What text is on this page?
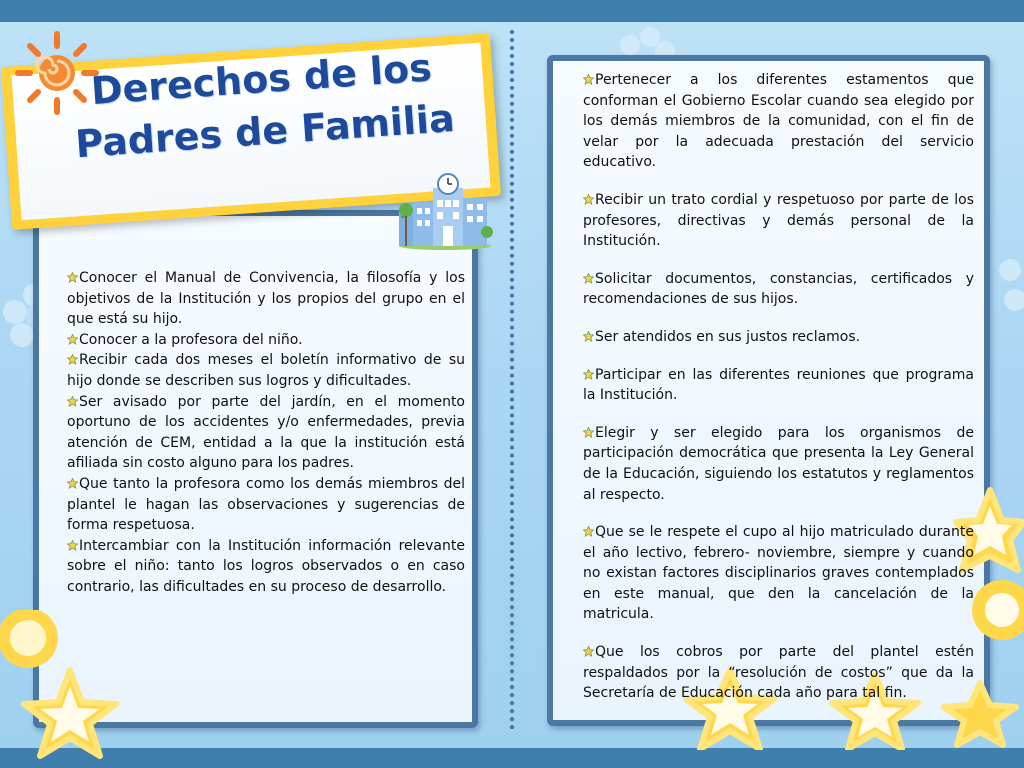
Conocer el Manual de Convivencia, la filosofía y los objetivos de la Institución y los propios del grupo en el que está su hijo.
Conocer a la profesora del niño.
Recibir cada dos meses el boletín informativo de su hijo donde se describen sus logros y dificultades.
Ser avisado por parte del jardín, en el momento oportuno de los accidentes y/o enfermedades, previa atención de CEM, entidad a la que la institución está afiliada sin costo alguno para los padres.
Que tanto la profesora como los demás miembros del plantel le hagan las observaciones y sugerencias de forma respetuosa.
Intercambiar con la Institución información relevante sobre el niño: tanto los logros observados o en caso contrario, las dificultades en su proceso de desarrollo.
Pertenecer a los diferentes estamentos que conforman el Gobierno Escolar cuando sea elegido por los demás miembros de la comunidad, con el fin de velar por la adecuada prestación del servicio educativo.
Recibir un trato cordial y respetuoso por parte de los profesores, directivas y demás personal de la Institución.
Solicitar documentos, constancias, certificados y recomendaciones de sus hijos.
Ser atendidos en sus justos reclamos.
Participar en las diferentes reuniones que programa la Institución.
Elegir y ser elegido para los organismos de participación democrática que presenta la Ley General de la Educación, siguiendo los estatutos y reglamentos al respecto.
Que se le respete el cupo al hijo matriculado durante el año lectivo, febrero- noviembre, siempre y cuando no existan factores disciplinarios graves contemplados en este manual, que den la cancelación de la matricula.
Que los cobros por parte del plantel estén respaldados por la “resolución de costos” que da la Secretaría de Educación cada año para tal fin.
Derechos de los
Padres de Familia
